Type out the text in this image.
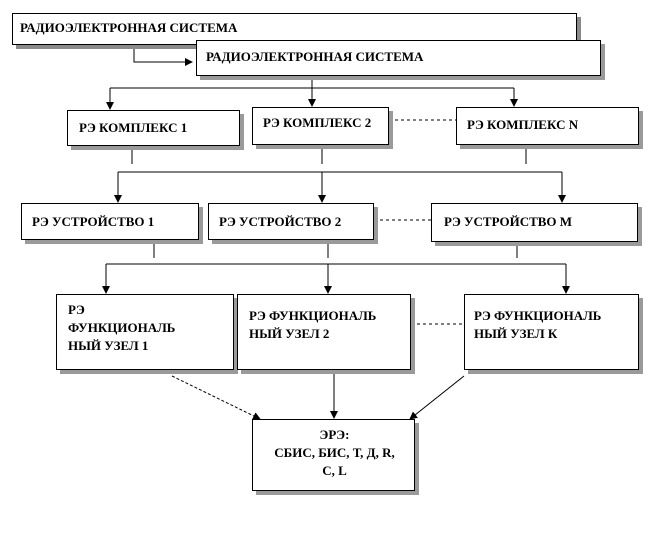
РАДИОЭЛЕКТРОННАЯ СИСТЕМА
РАДИОЭЛЕКТРОННАЯ СИСТЕМА
РЭ КОМПЛЕКС 1	РЭ КОМПЛЕКС 2	РЭ КОМПЛЕКС N
РЭ УСТРОЙСТВО 1	РЭ УСТРОЙСТВО 2	РЭ УСТРОЙСТВО М
РЭ
ФУНКЦИОНАЛЬ
НЫЙ УЗЕЛ 1
РЭ ФУНКЦИОНАЛЬ
НЫЙ УЗЕЛ 2
РЭ ФУНКЦИОНАЛЬ
НЫЙ УЗЕЛ К
ЭРЭ:
СБИС, БИС, Т, Д, R,
С, L
